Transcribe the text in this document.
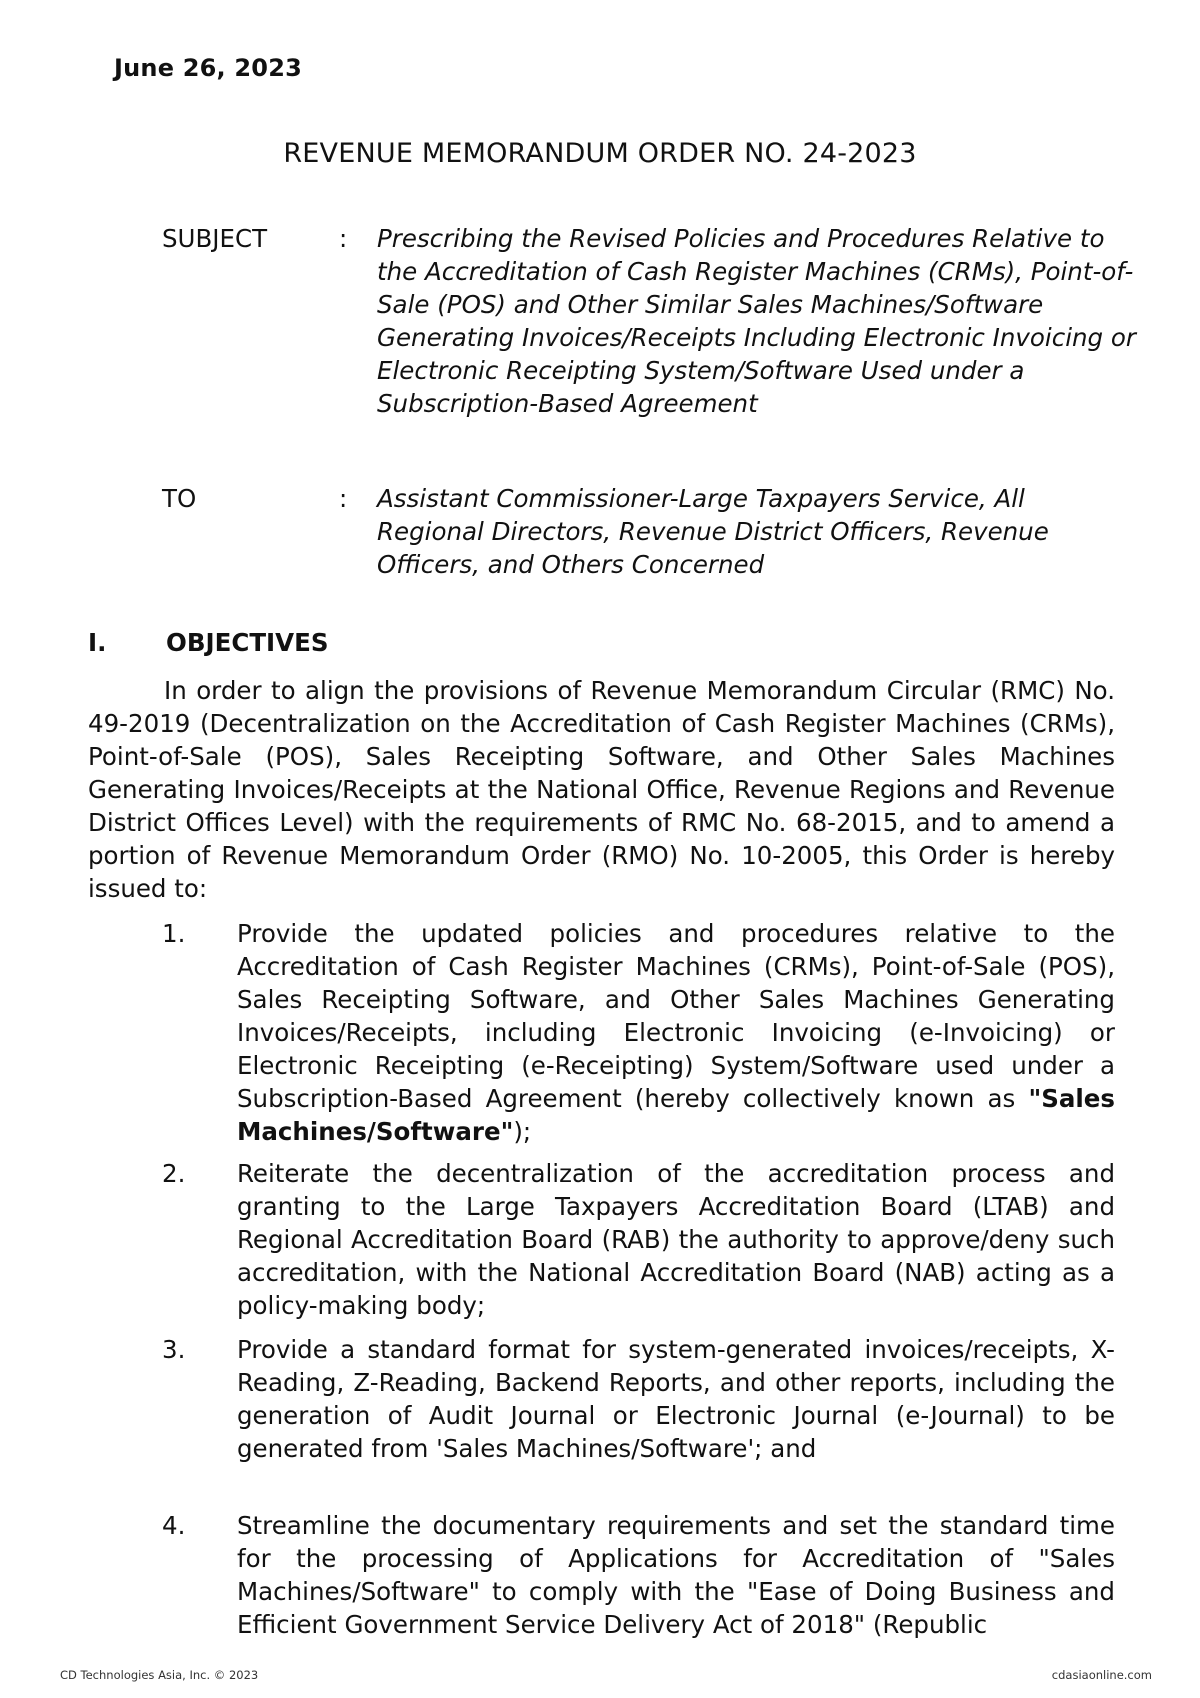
June 26, 2023
REVENUE MEMORANDUM ORDER NO. 24-2023
SUBJECT	: Prescribing the Revised Policies and Procedures Relative to the Accreditation of Cash Register Machines (CRMs), Point-of-Sale (POS) and Other Similar Sales Machines/Software Generating Invoices/Receipts Including Electronic Invoicing or Electronic Receipting System/Software Used under a Subscription-Based Agreement
TO	: Assistant Commissioner-Large Taxpayers Service, All Regional Directors, Revenue District Officers, Revenue Officers, and Others Concerned
I. OBJECTIVES

In order to align the provisions of Revenue Memorandum Circular (RMC) No. 49-2019 (Decentralization on the Accreditation of Cash Register Machines (CRMs), Point-of-Sale (POS), Sales Receipting Software, and Other Sales Machines Generating Invoices/Receipts at the National Office, Revenue Regions and Revenue District Offices Level) with the requirements of RMC No. 68-2015, and to amend a portion of Revenue Memorandum Order (RMO) No. 10-2005, this Order is hereby issued to:

1. Provide the updated policies and procedures relative to the Accreditation of Cash Register Machines (CRMs), Point-of-Sale (POS), Sales Receipting Software, and Other Sales Machines Generating Invoices/Receipts, including Electronic Invoicing (e-Invoicing) or Electronic Receipting (e-Receipting) System/Software used under a Subscription-Based Agreement (hereby collectively known as "Sales Machines/Software");
2. Reiterate the decentralization of the accreditation process and granting to the Large Taxpayers Accreditation Board (LTAB) and Regional Accreditation Board (RAB) the authority to approve/deny such accreditation, with the National Accreditation Board (NAB) acting as a policy-making body;
3. Provide a standard format for system-generated invoices/receipts, X-Reading, Z-Reading, Backend Reports, and other reports, including the generation of Audit Journal or Electronic Journal (e-Journal) to be generated from 'Sales Machines/Software'; and
4. Streamline the documentary requirements and set the standard time for the processing of Applications for Accreditation of "Sales Machines/Software" to comply with the "Ease of Doing Business and Efficient Government Service Delivery Act of 2018" (Republic
CD Technologies Asia, Inc. © 2023	cdasiaonline.com
